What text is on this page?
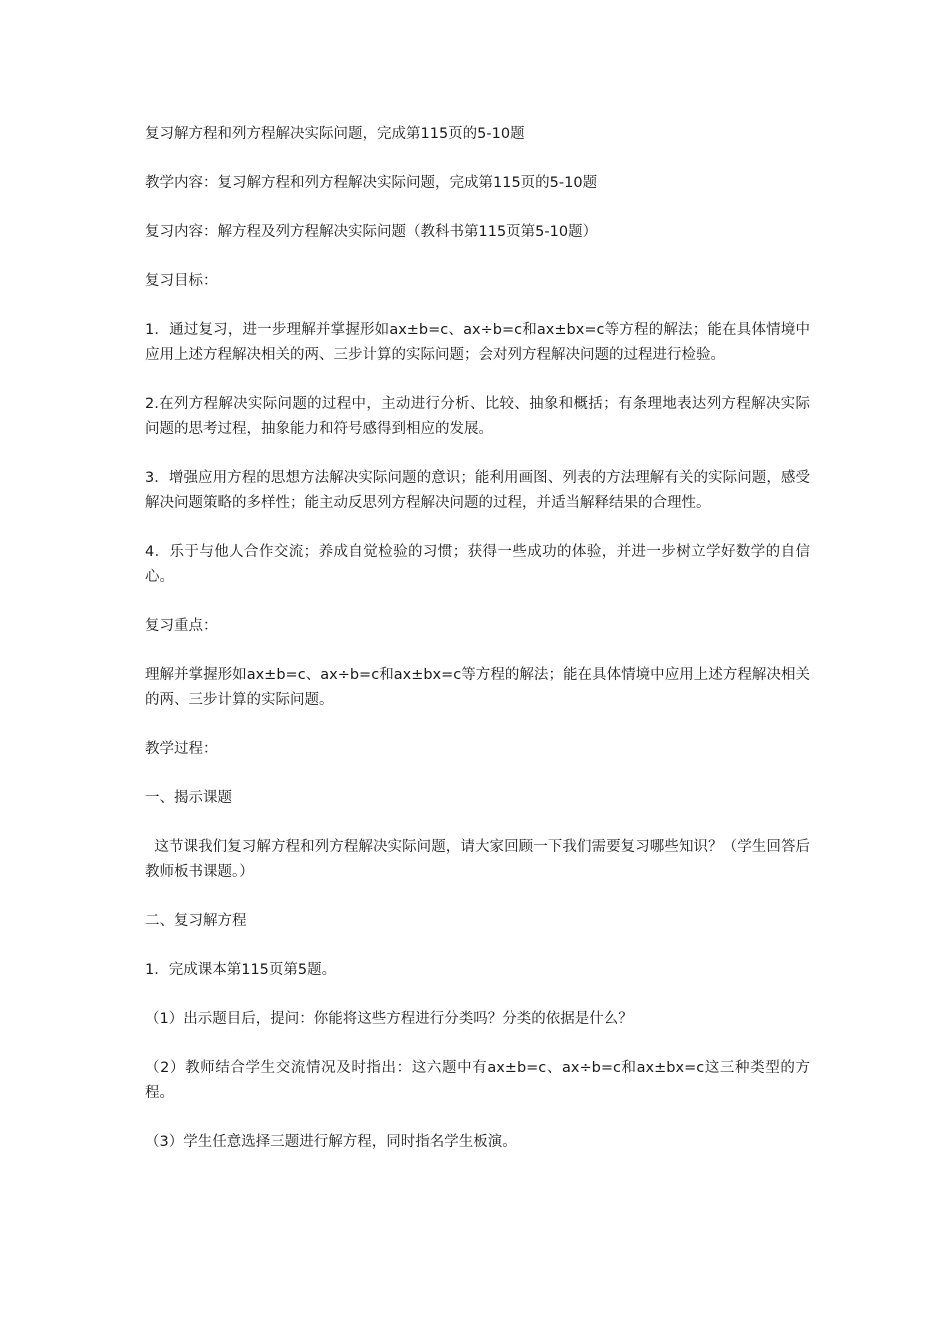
复习解方程和列方程解决实际问题，完成第115页的5-10题

教学内容：复习解方程和列方程解决实际问题，完成第115页的5-10题

复习内容：解方程及列方程解决实际问题（教科书第115页第5-10题）

复习目标：

1．通过复习，进一步理解并掌握形如ax±b=c、ax÷b=c和ax±bx=c等方程的解法；能在具体情境中应用上述方程解决相关的两、三步计算的实际问题；会对列方程解决问题的过程进行检验。

2.在列方程解决实际问题的过程中，主动进行分析、比较、抽象和概括；有条理地表达列方程解决实际问题的思考过程，抽象能力和符号感得到相应的发展。

3．增强应用方程的思想方法解决实际问题的意识；能利用画图、列表的方法理解有关的实际问题，感受解决问题策略的多样性；能主动反思列方程解决问题的过程，并适当解释结果的合理性。

4．乐于与他人合作交流；养成自觉检验的习惯；获得一些成功的体验，并进一步树立学好数学的自信心。

复习重点：

理解并掌握形如ax±b=c、ax÷b=c和ax±bx=c等方程的解法；能在具体情境中应用上述方程解决相关的两、三步计算的实际问题。

教学过程：

一、揭示课题

这节课我们复习解方程和列方程解决实际问题，请大家回顾一下我们需要复习哪些知识？（学生回答后教师板书课题。）

二、复习解方程

1．完成课本第115页第5题。

（1）出示题目后，提问：你能将这些方程进行分类吗？分类的依据是什么？

（2）教师结合学生交流情况及时指出：这六题中有ax±b=c、ax÷b=c和ax±bx=c这三种类型的方程。

（3）学生任意选择三题进行解方程，同时指名学生板演。
